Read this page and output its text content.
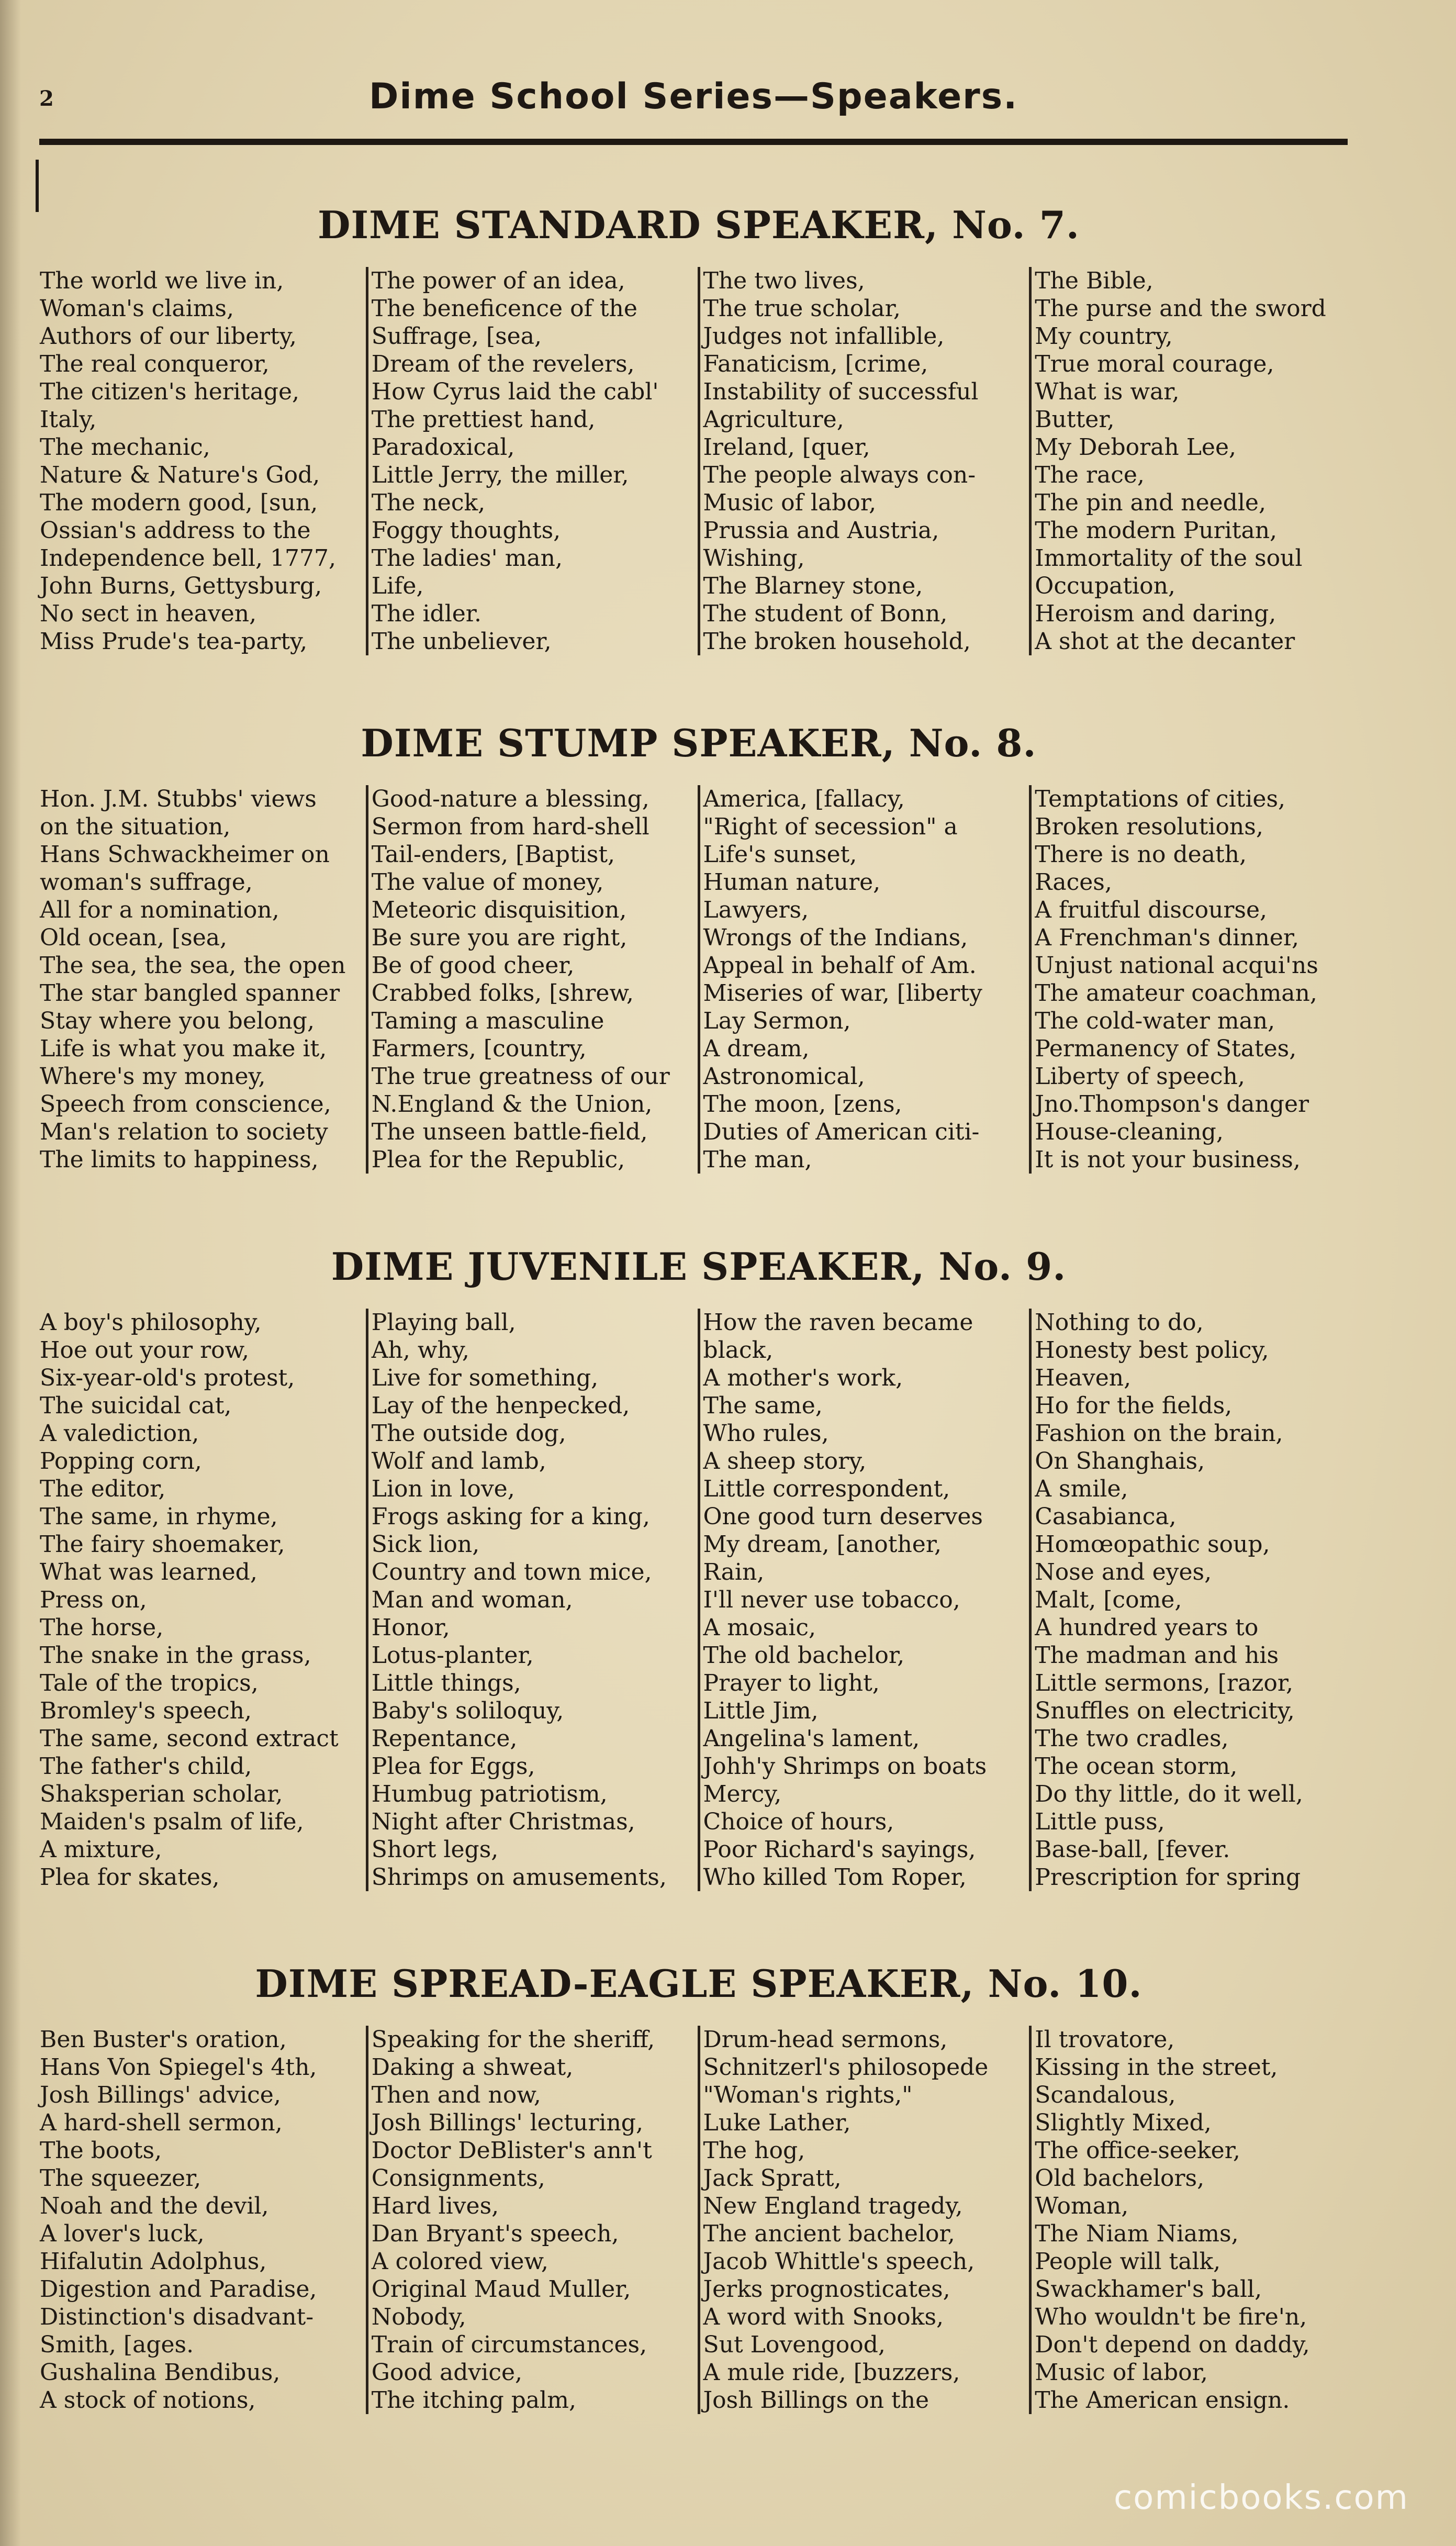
2	Dime School Series—Speakers.
DIME STANDARD SPEAKER, No. 7.
The world we live in,
Woman's claims,
Authors of our liberty,
The real conqueror,
The citizen's heritage,
Italy,
The mechanic,
Nature & Nature's God,
The modern good, [sun,
Ossian's address to the
Independence bell, 1777,
John Burns, Gettysburg,
No sect in heaven,
Miss Prude's tea-party,
The power of an idea,
The beneficence of the
Suffrage, [sea,
Dream of the revelers,
How Cyrus laid the cabl'
The prettiest hand,
Paradoxical,
Little Jerry, the miller,
The neck,
Foggy thoughts,
The ladies' man,
Life,
The idler.
The unbeliever,
The two lives,
The true scholar,
Judges not infallible,
Fanaticism, [crime,
Instability of successful
Agriculture,
Ireland, [quer,
The people always con-
Music of labor,
Prussia and Austria,
Wishing,
The Blarney stone,
The student of Bonn,
The broken household,
The Bible,
The purse and the sword
My country,
True moral courage,
What is war,
Butter,
My Deborah Lee,
The race,
The pin and needle,
The modern Puritan,
Immortality of the soul
Occupation,
Heroism and daring,
A shot at the decanter
DIME STUMP SPEAKER, No. 8.
Hon. J.M. Stubbs' views
on the situation,
Hans Schwackheimer on
woman's suffrage,
All for a nomination,
Old ocean, [sea,
The sea, the sea, the open
The star bangled spanner
Stay where you belong,
Life is what you make it,
Where's my money,
Speech from conscience,
Man's relation to society
The limits to happiness,
Good-nature a blessing,
Sermon from hard-shell
Tail-enders, [Baptist,
The value of money,
Meteoric disquisition,
Be sure you are right,
Be of good cheer,
Crabbed folks, [shrew,
Taming a masculine
Farmers, [country,
The true greatness of our
N.England & the Union,
The unseen battle-field,
Plea for the Republic,
America, [fallacy,
"Right of secession" a
Life's sunset,
Human nature,
Lawyers,
Wrongs of the Indians,
Appeal in behalf of Am.
Miseries of war, [liberty
Lay Sermon,
A dream,
Astronomical,
The moon, [zens,
Duties of American citi-
The man,
Temptations of cities,
Broken resolutions,
There is no death,
Races,
A fruitful discourse,
A Frenchman's dinner,
Unjust national acqui'ns
The amateur coachman,
The cold-water man,
Permanency of States,
Liberty of speech,
Jno.Thompson's danger
House-cleaning,
It is not your business,
DIME JUVENILE SPEAKER, No. 9.
A boy's philosophy,
Hoe out your row,
Six-year-old's protest,
The suicidal cat,
A valediction,
Popping corn,
The editor,
The same, in rhyme,
The fairy shoemaker,
What was learned,
Press on,
The horse,
The snake in the grass,
Tale of the tropics,
Bromley's speech,
The same, second extract
The father's child,
Shaksperian scholar,
Maiden's psalm of life,
A mixture,
Plea for skates,
Playing ball,
Ah, why,
Live for something,
Lay of the henpecked,
The outside dog,
Wolf and lamb,
Lion in love,
Frogs asking for a king,
Sick lion,
Country and town mice,
Man and woman,
Honor,
Lotus-planter,
Little things,
Baby's soliloquy,
Repentance,
Plea for Eggs,
Humbug patriotism,
Night after Christmas,
Short legs,
Shrimps on amusements,
How the raven became
black,
A mother's work,
The same,
Who rules,
A sheep story,
Little correspondent,
One good turn deserves
My dream, [another,
Rain,
I'll never use tobacco,
A mosaic,
The old bachelor,
Prayer to light,
Little Jim,
Angelina's lament,
Johh'y Shrimps on boats
Mercy,
Choice of hours,
Poor Richard's sayings,
Who killed Tom Roper,
Nothing to do,
Honesty best policy,
Heaven,
Ho for the fields,
Fashion on the brain,
On Shanghais,
A smile,
Casabianca,
Homœopathic soup,
Nose and eyes,
Malt, [come,
A hundred years to
The madman and his
Little sermons, [razor,
Snuffles on electricity,
The two cradles,
The ocean storm,
Do thy little, do it well,
Little puss,
Base-ball, [fever.
Prescription for spring
DIME SPREAD-EAGLE SPEAKER, No. 10.
Ben Buster's oration,
Hans Von Spiegel's 4th,
Josh Billings' advice,
A hard-shell sermon,
The boots,
The squeezer,
Noah and the devil,
A lover's luck,
Hifalutin Adolphus,
Digestion and Paradise,
Distinction's disadvant-
Smith, [ages.
Gushalina Bendibus,
A stock of notions,
Speaking for the sheriff,
Daking a shweat,
Then and now,
Josh Billings' lecturing,
Doctor DeBlister's ann't
Consignments,
Hard lives,
Dan Bryant's speech,
A colored view,
Original Maud Muller,
Nobody,
Train of circumstances,
Good advice,
The itching palm,
Drum-head sermons,
Schnitzerl's philosopede
"Woman's rights,"
Luke Lather,
The hog,
Jack Spratt,
New England tragedy,
The ancient bachelor,
Jacob Whittle's speech,
Jerks prognosticates,
A word with Snooks,
Sut Lovengood,
A mule ride, [buzzers,
Josh Billings on the
Il trovatore,
Kissing in the street,
Scandalous,
Slightly Mixed,
The office-seeker,
Old bachelors,
Woman,
The Niam Niams,
People will talk,
Swackhamer's ball,
Who wouldn't be fire'n,
Don't depend on daddy,
Music of labor,
The American ensign.
comicbooks.com
